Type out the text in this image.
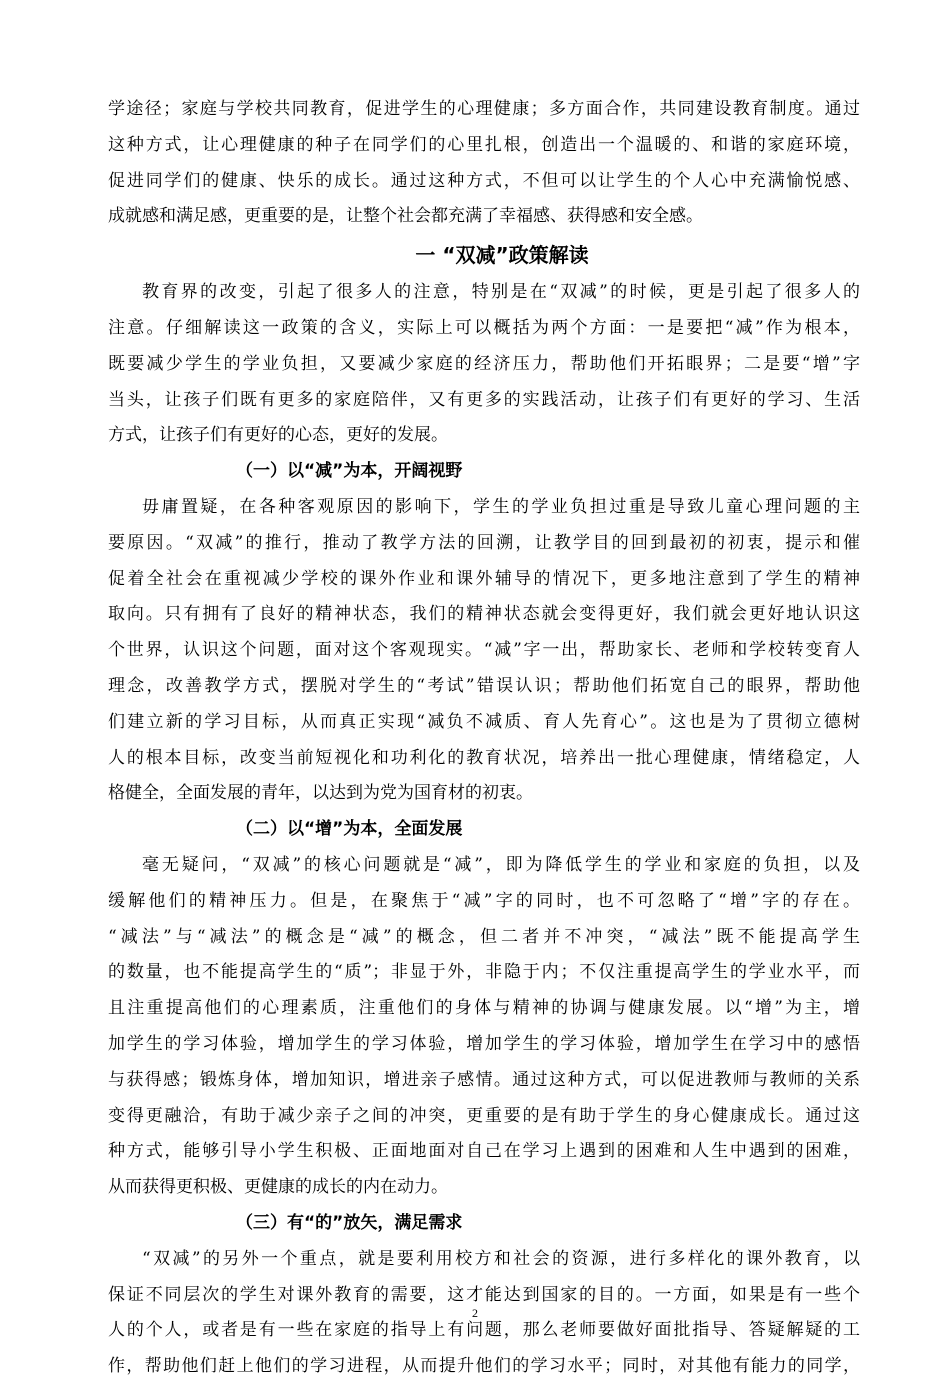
学途径；家庭与学校共同教育，促进学生的心理健康；多方面合作，共同建设教育制度。通过
这种方式，让心理健康的种子在同学们的心里扎根，创造出一个温暖的、和谐的家庭环境，
促进同学们的健康、快乐的成长。通过这种方式，不但可以让学生的个人心中充满愉悦感、
成就感和满足感，更重要的是，让整个社会都充满了幸福感、获得感和安全感。
一 “双减”政策解读
教育界的改变，引起了很多人的注意，特别是在“双减”的时候，更是引起了很多人的
注意。仔细解读这一政策的含义，实际上可以概括为两个方面：一是要把“减”作为根本，
既要减少学生的学业负担，又要减少家庭的经济压力，帮助他们开拓眼界；二是要“增”字
当头，让孩子们既有更多的家庭陪伴，又有更多的实践活动，让孩子们有更好的学习、生活
方式，让孩子们有更好的心态，更好的发展。
（一）以“减”为本，开阔视野
毋庸置疑，在各种客观原因的影响下，学生的学业负担过重是导致儿童心理问题的主
要原因。“双减”的推行，推动了教学方法的回溯，让教学目的回到最初的初衷，提示和催
促着全社会在重视减少学校的课外作业和课外辅导的情况下，更多地注意到了学生的精神
取向。只有拥有了良好的精神状态，我们的精神状态就会变得更好，我们就会更好地认识这
个世界，认识这个问题，面对这个客观现实。“减”字一出，帮助家长、老师和学校转变育人
理念，改善教学方式，摆脱对学生的“考试”错误认识；帮助他们拓宽自己的眼界，帮助他
们建立新的学习目标，从而真正实现“减负不减质、育人先育心”。这也是为了贯彻立德树
人的根本目标，改变当前短视化和功利化的教育状况，培养出一批心理健康，情绪稳定，人
格健全，全面发展的青年，以达到为党为国育材的初衷。
（二）以“增”为本，全面发展
毫无疑问，“双减”的核心问题就是“减”，即为降低学生的学业和家庭的负担，以及
缓解他们的精神压力。但是，在聚焦于“减”字的同时，也不可忽略了“增”字的存在。
“减法”与“减法”的概念是“减”的概念，但二者并不冲突，“减法”既不能提高学生
的数量，也不能提高学生的“质”；非显于外，非隐于内；不仅注重提高学生的学业水平，而
且注重提高他们的心理素质，注重他们的身体与精神的协调与健康发展。以“增”为主，增
加学生的学习体验，增加学生的学习体验，增加学生的学习体验，增加学生在学习中的感悟
与获得感；锻炼身体，增加知识，增进亲子感情。通过这种方式，可以促进教师与教师的关系
变得更融洽，有助于减少亲子之间的冲突，更重要的是有助于学生的身心健康成长。通过这
种方式，能够引导小学生积极、正面地面对自己在学习上遇到的困难和人生中遇到的困难，
从而获得更积极、更健康的成长的内在动力。
（三）有“的”放矢，满足需求
“双减”的另外一个重点，就是要利用校方和社会的资源，进行多样化的课外教育，以
保证不同层次的学生对课外教育的需要，这才能达到国家的目的。一方面，如果是有一些个
人的个人，或者是有一些在家庭的指导上有问题，那么老师要做好面批指导、答疑解疑的工
作，帮助他们赶上他们的学习进程，从而提升他们的学习水平；同时，对其他有能力的同学，
2
